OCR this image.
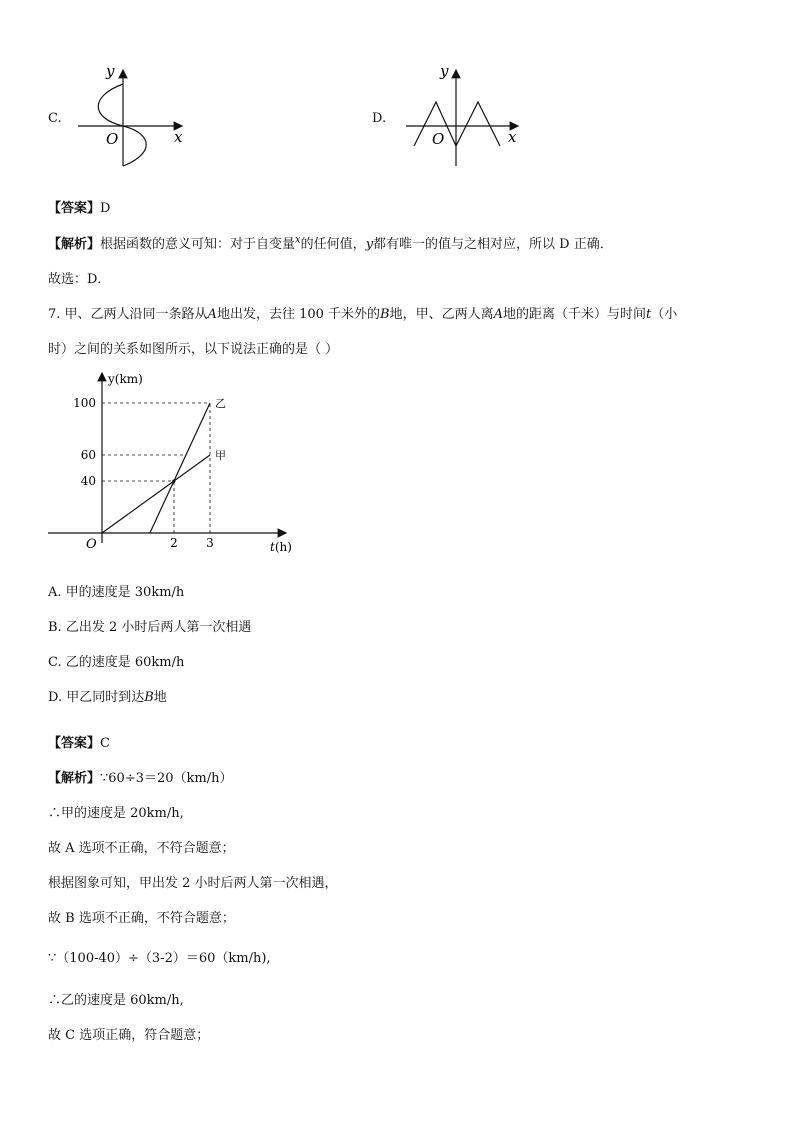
C.
y
x
O
D.
y
x
O
【答案】D
【解析】根据函数的意义可知：对于自变量$^x$的任何值，y都有唯一的值与之相对应，所以 D 正确．
故选：D．
7. 甲、乙两人沿同一条路从A地出发，去往 100 千米外的B地，甲、乙两人离A地的距离（千米）与时间t（小
时）之间的关系如图所示，以下说法正确的是（ ）
甲
乙
40
60
100
2 3
y(km)
O	t(h)
A. 甲的速度是 30km/h
B. 乙出发 2 小时后两人第一次相遇
C. 乙的速度是 60km/h
D. 甲乙同时到达B地
【答案】C
【解析】∵60÷3＝20（km/h）
∴甲的速度是 20km/h,
故 A 选项不正确，不符合题意；
根据图象可知，甲出发 2 小时后两人第一次相遇，
故 B 选项不正确，不符合题意；
∵（100-40）÷（3-2）＝60（km/h),
∴乙的速度是 60km/h,
故 C 选项正确，符合题意；
